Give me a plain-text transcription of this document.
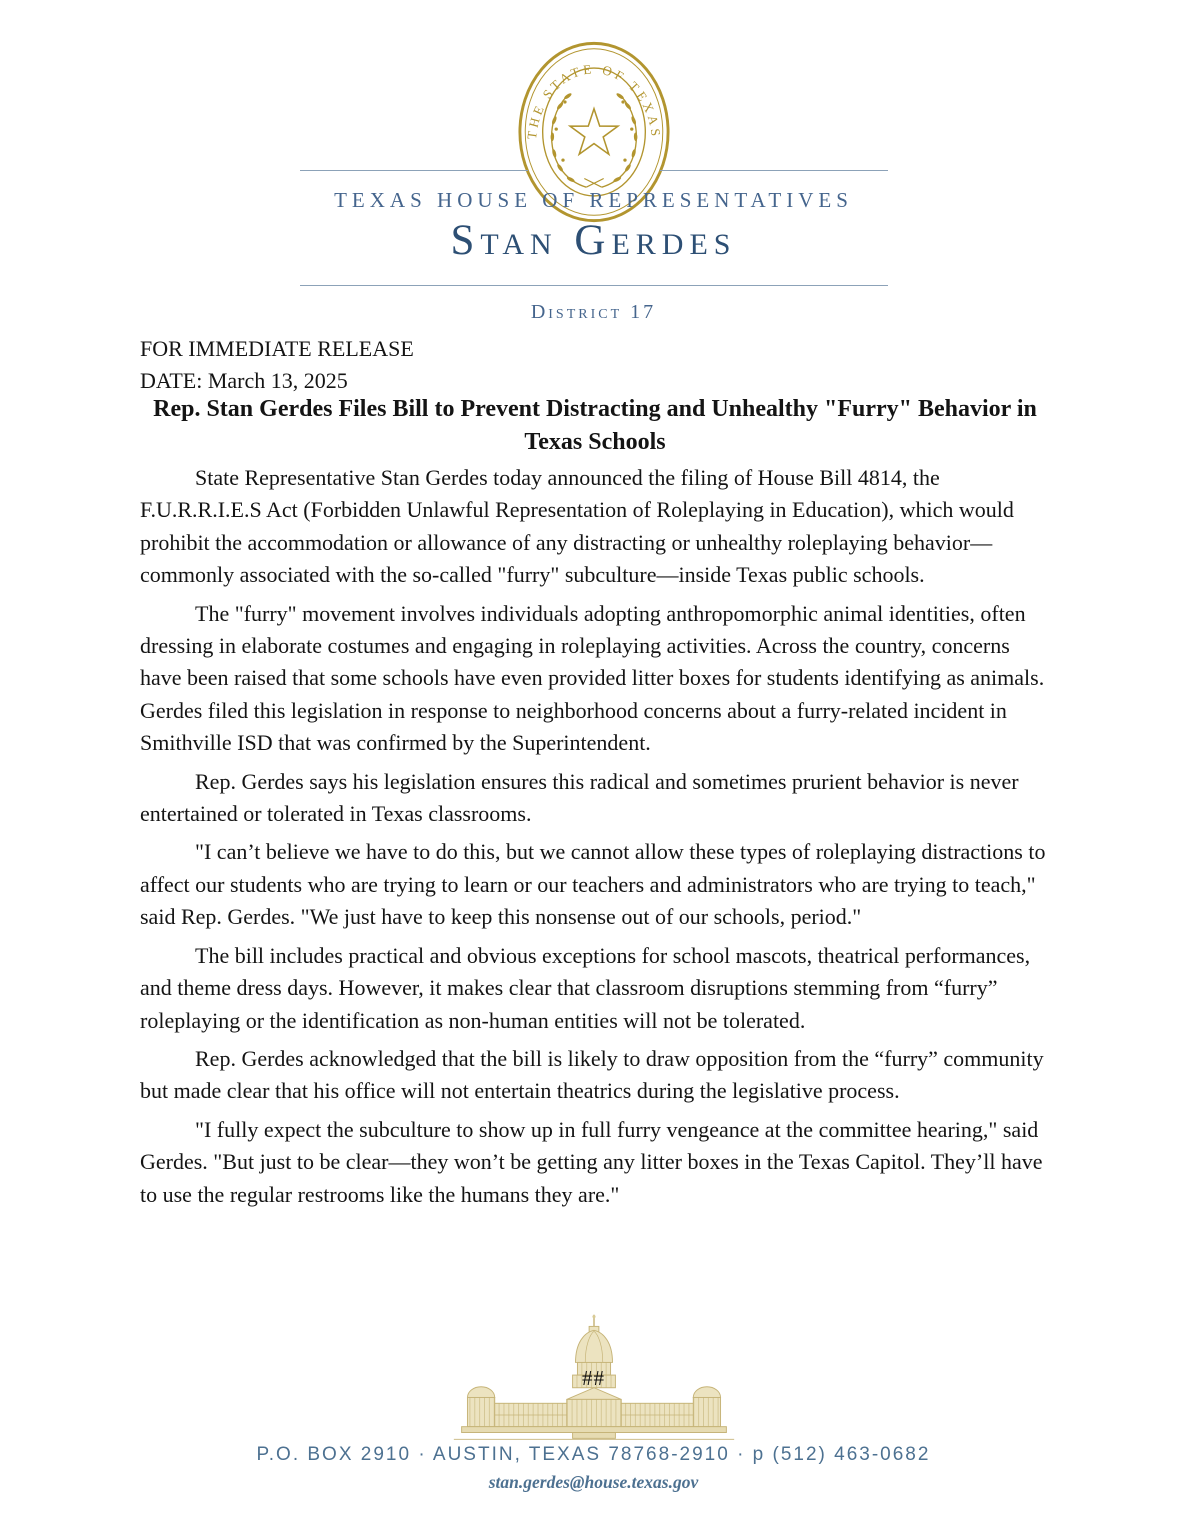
THE STATE OF TEXAS
TEXAS HOUSE OF REPRESENTATIVES
Stan Gerdes
District 17
FOR IMMEDIATE RELEASE
DATE: March 13, 2025
Rep. Stan Gerdes Files Bill to Prevent Distracting and Unhealthy "Furry" Behavior in Texas Schools

State Representative Stan Gerdes today announced the filing of House Bill 4814, the F.U.R.R.I.E.S Act (Forbidden Unlawful Representation of Roleplaying in Education), which would prohibit the accommodation or allowance of any distracting or unhealthy roleplaying behavior—commonly associated with the so-called "furry" subculture—inside Texas public schools.

The "furry" movement involves individuals adopting anthropomorphic animal identities, often dressing in elaborate costumes and engaging in roleplaying activities. Across the country, concerns have been raised that some schools have even provided litter boxes for students identifying as animals. Gerdes filed this legislation in response to neighborhood concerns about a furry-related incident in Smithville ISD that was confirmed by the Superintendent.

Rep. Gerdes says his legislation ensures this radical and sometimes prurient behavior is never entertained or tolerated in Texas classrooms.

"I can’t believe we have to do this, but we cannot allow these types of roleplaying distractions to affect our students who are trying to learn or our teachers and administrators who are trying to teach," said Rep. Gerdes. "We just have to keep this nonsense out of our schools, period."

The bill includes practical and obvious exceptions for school mascots, theatrical performances, and theme dress days. However, it makes clear that classroom disruptions stemming from “furry” roleplaying or the identification as non-human entities will not be tolerated.

Rep. Gerdes acknowledged that the bill is likely to draw opposition from the “furry” community but made clear that his office will not entertain theatrics during the legislative process.

"I fully expect the subculture to show up in full furry vengeance at the committee hearing," said Gerdes. "But just to be clear—they won’t be getting any litter boxes in the Texas Capitol. They’ll have to use the regular restrooms like the humans they are."

##
P.O. BOX 2910 · AUSTIN, TEXAS 78768-2910 · p (512) 463-0682
stan.gerdes@house.texas.gov
